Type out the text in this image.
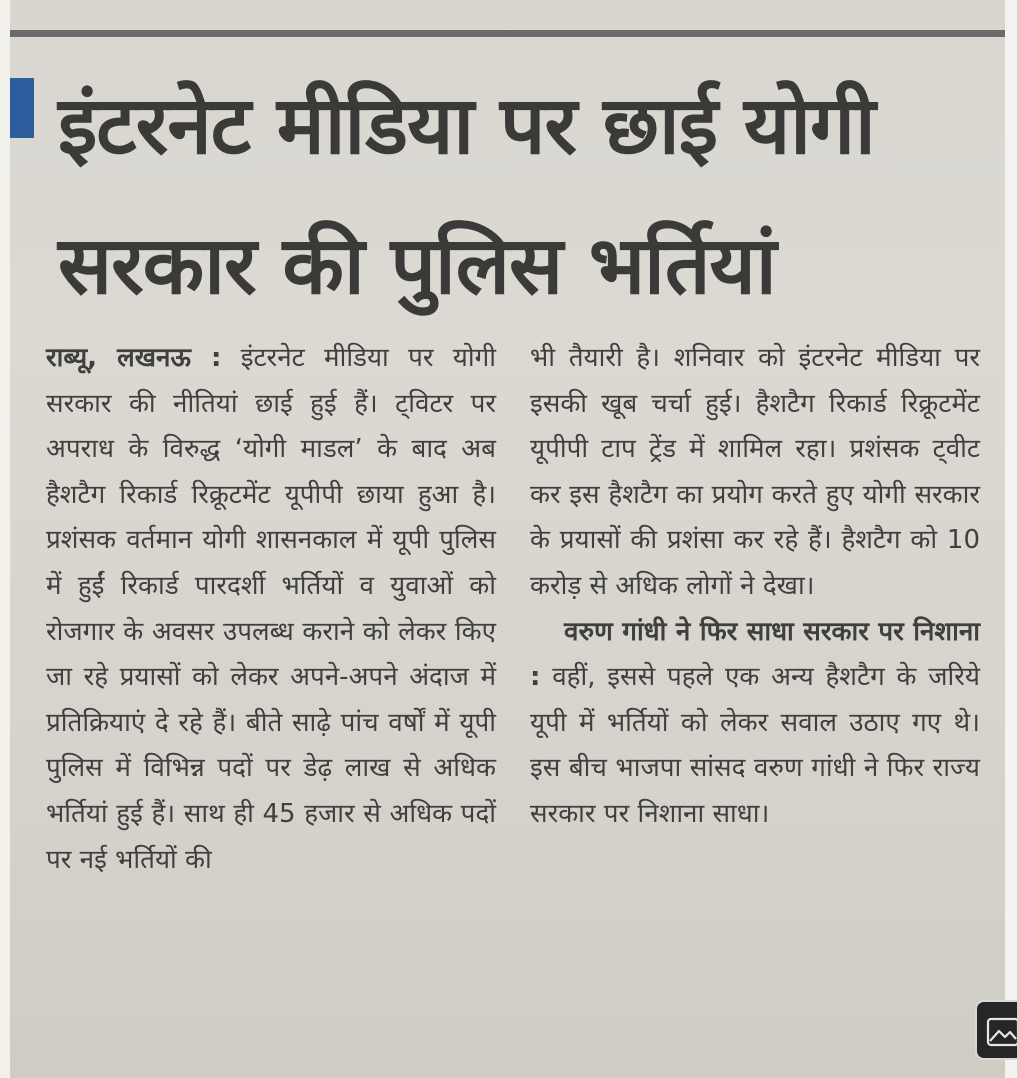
इंटरनेट मीडिया पर छाई योगी
सरकार की पुलिस भर्तियां

राब्यू, लखनऊ : इंटरनेट मीडिया पर योगी सरकार की नीतियां छाई हुई हैं। ट्विटर पर अपराध के विरुद्ध ‘योगी माडल’ के बाद अब हैशटैग रिकार्ड रिक्रूटमेंट यूपीपी छाया हुआ है। प्रशंसक वर्तमान योगी शासनकाल में यूपी पुलिस में हुईं रिकार्ड पारदर्शी भर्तियों व युवाओं को रोजगार के अवसर उपलब्ध कराने को लेकर किए जा रहे प्रयासों को लेकर अपने-अपने अंदाज में प्रतिक्रियाएं दे रहे हैं। बीते साढ़े पांच वर्षों में यूपी पुलिस में विभिन्न पदों पर डेढ़ लाख से अधिक भर्तियां हुई हैं। साथ ही 45 हजार से अधिक पदों पर नई भर्तियों की

भी तैयारी है। शनिवार को इंटरनेट मीडिया पर इसकी खूब चर्चा हुई। हैशटैग रिकार्ड रिक्रूटमेंट यूपीपी टाप ट्रेंड में शामिल रहा। प्रशंसक ट्वीट कर इस हैशटैग का प्रयोग करते हुए योगी सरकार के प्रयासों की प्रशंसा कर रहे हैं। हैशटैग को 10 करोड़ से अधिक लोगों ने देखा।

वरुण गांधी ने फिर साधा सरकार पर निशाना : वहीं, इससे पहले एक अन्य हैशटैग के जरिये यूपी में भर्तियों को लेकर सवाल उठाए गए थे। इस बीच भाजपा सांसद वरुण गांधी ने फिर राज्य सरकार पर निशाना साधा।
